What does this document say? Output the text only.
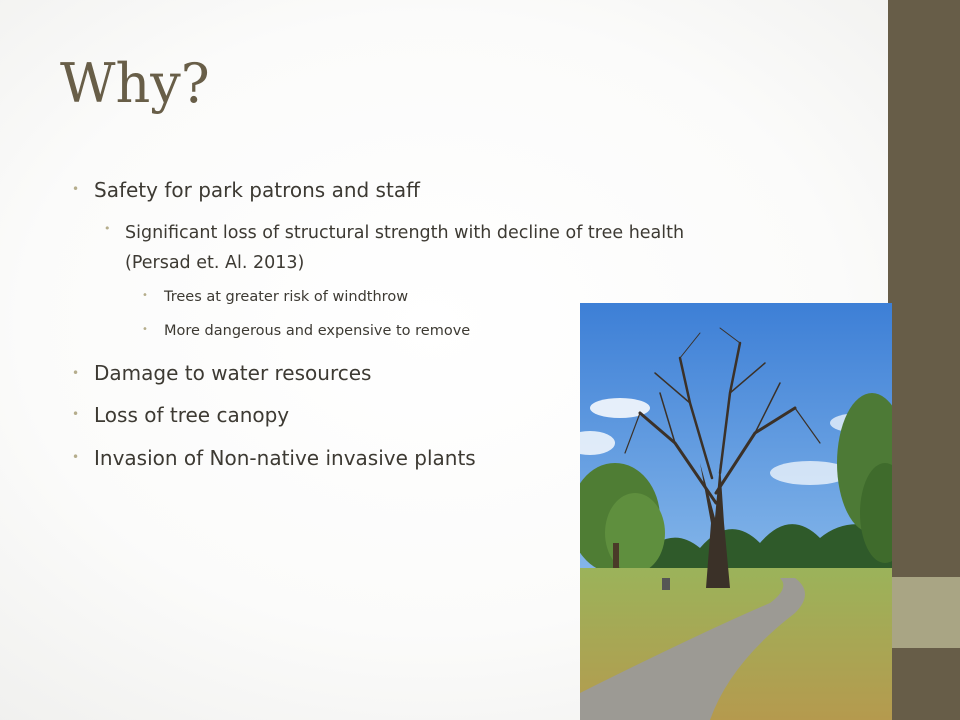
Why?
• Safety for park patrons and staff
• Significant loss of structural strength with decline of tree health
(Persad et. Al. 2013)
• Trees at greater risk of windthrow
• More dangerous and expensive to remove
• Damage to water resources
• Loss of tree canopy
• Invasion of Non-native invasive plants
